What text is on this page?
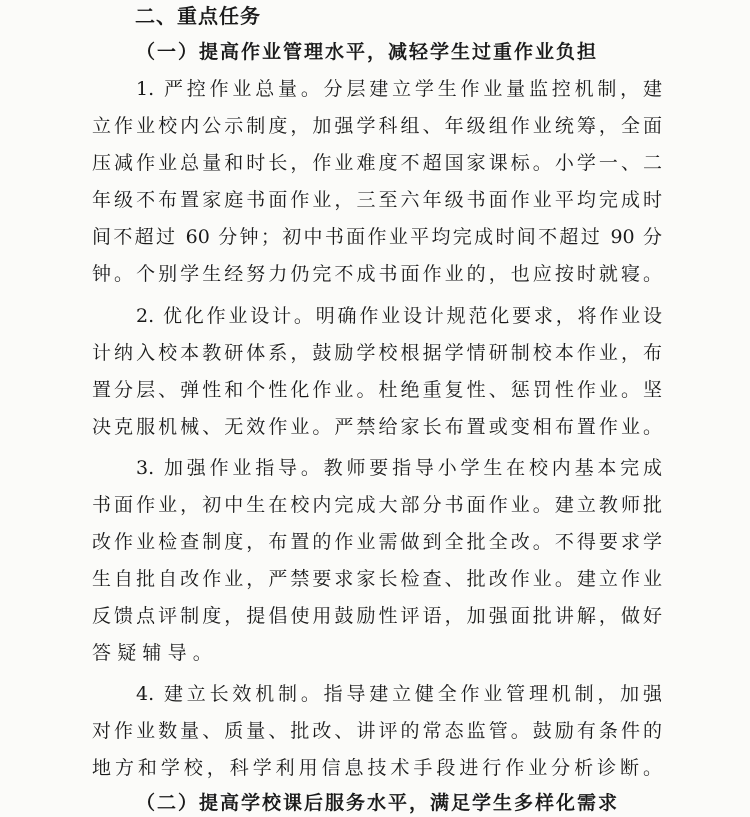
二、重点任务
（一）提高作业管理水平，减轻学生过重作业负担
1. 严控作业总量。分层建立学生作业量监控机制，建
立作业校内公示制度，加强学科组、年级组作业统筹，全面
压减作业总量和时长，作业难度不超国家课标。小学一、二
年级不布置家庭书面作业，三至六年级书面作业平均完成时
间不超过 60 分钟；初中书面作业平均完成时间不超过 90 分
钟。个别学生经努力仍完不成书面作业的，也应按时就寝。
2. 优化作业设计。明确作业设计规范化要求，将作业设
计纳入校本教研体系，鼓励学校根据学情研制校本作业，布
置分层、弹性和个性化作业。杜绝重复性、惩罚性作业。坚
决克服机械、无效作业。严禁给家长布置或变相布置作业。
3. 加强作业指导。教师要指导小学生在校内基本完成
书面作业，初中生在校内完成大部分书面作业。建立教师批
改作业检查制度，布置的作业需做到全批全改。不得要求学
生自批自改作业，严禁要求家长检查、批改作业。建立作业
反馈点评制度，提倡使用鼓励性评语，加强面批讲解，做好
答疑辅导。
4. 建立长效机制。指导建立健全作业管理机制，加强
对作业数量、质量、批改、讲评的常态监管。鼓励有条件的
地方和学校，科学利用信息技术手段进行作业分析诊断。
（二）提高学校课后服务水平，满足学生多样化需求
